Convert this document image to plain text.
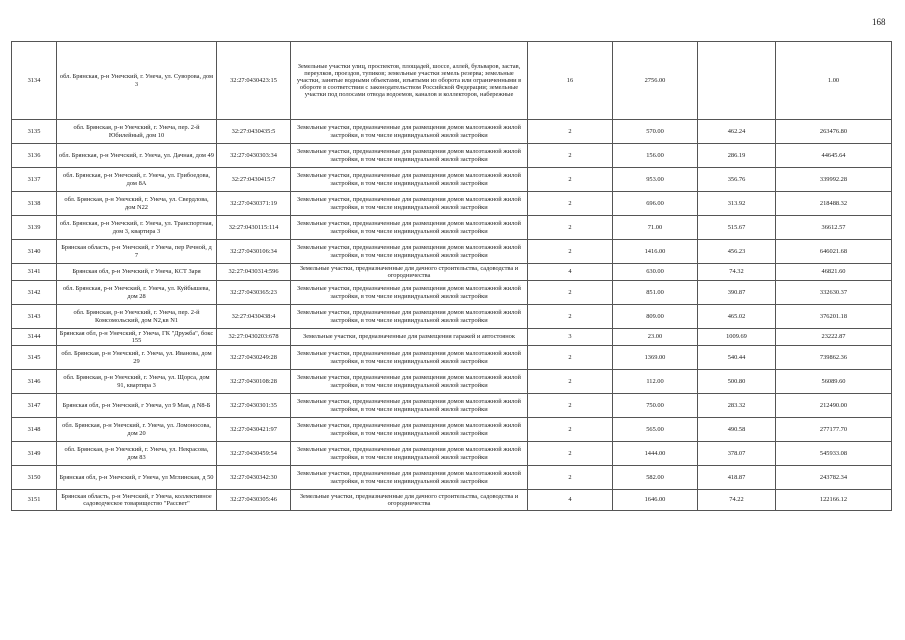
168
3134	обл. Брянская, р-н Унечский, г. Унеча, ул. Суворова, дом 3	32:27:0430423:15	Земельные участки улиц, проспектов, площадей, шоссе, аллей, бульваров, застав, переулков, проездов, тупиков; земельные участки земель резерва; земельные участки, занятые водными объектами, изъятыми из оборота или ограниченными в обороте в соответствии с законодательством Российской Федерации; земельные участки под полосами отвода водоемов, каналов и коллекторов, набережные	16	2756.00		1.00
3135	обл. Брянская, р-н Унечский, г. Унеча, пер. 2-й Юбилейный, дом 10	32:27:0430435:5	Земельные участки, предназначенные для размещения домов малоэтажной жилой застройки, в том числе индивидуальной жилой застройки	2	570.00	462.24	263476.80
3136	обл. Брянская, р-н Унечский, г. Унеча, ул. Дачная, дом 49	32:27:0430303:34	Земельные участки, предназначенные для размещения домов малоэтажной жилой застройки, в том числе индивидуальной жилой застройки	2	156.00	286.19	44645.64
3137	обл. Брянская, р-н Унечский, г. Унеча, ул. Грибоедова, дом 8А	32:27:0430415:7	Земельные участки, предназначенные для размещения домов малоэтажной жилой застройки, в том числе индивидуальной жилой застройки	2	953.00	356.76	339992.28
3138	обл. Брянская, р-н Унечский, г. Унеча, ул. Свердлова, дом N22	32:27:0430371:19	Земельные участки, предназначенные для размещения домов малоэтажной жилой застройки, в том числе индивидуальной жилой застройки	2	696.00	313.92	218488.32
3139	обл. Брянская, р-н Унечский, г. Унеча, ул. Транспортная, дом 3, квартира 3	32:27:0430115:114	Земельные участки, предназначенные для размещения домов малоэтажной жилой застройки, в том числе индивидуальной жилой застройки	2	71.00	515.67	36612.57
3140	Брянская область, р-н Унечский, г Унеча, пер Речной, д 7	32:27:0430106:34	Земельные участки, предназначенные для размещения домов малоэтажной жилой застройки, в том числе индивидуальной жилой застройки	2	1416.00	456.23	646021.68
3141	Брянская обл, р-н Унечский, г Унеча, КСТ Заря	32:27:0430314:596	Земельные участки, предназначенные для дачного строительства, садоводства и огородничества	4	630.00	74.32	46821.60
3142	обл. Брянская, р-н Унечский, г. Унеча, ул. Куйбышева, дом 28	32:27:0430365:23	Земельные участки, предназначенные для размещения домов малоэтажной жилой застройки, в том числе индивидуальной жилой застройки	2	851.00	390.87	332630.37
3143	обл. Брянская, р-н Унечский, г. Унеча, пер. 2-й Комсомольский, дом N2,кв N1	32:27:0430438:4	Земельные участки, предназначенные для размещения домов малоэтажной жилой застройки, в том числе индивидуальной жилой застройки	2	809.00	465.02	376201.18
3144	Брянская обл, р-н Унечский, г Унеча, ГК "Дружба", бокс 155	32:27:0430203:678	Земельные участки, предназначенные для размещения гаражей и автостоянок	3	23.00	1009.69	23222.87
3145	обл. Брянская, р-н Унечский, г. Унеча, ул. Иванова, дом 29	32:27:0430249:28	Земельные участки, предназначенные для размещения домов малоэтажной жилой застройки, в том числе индивидуальной жилой застройки	2	1369.00	540.44	739862.36
3146	обл. Брянская, р-н Унечский, г. Унеча, ул. Щорса, дом 91, квартира 3	32:27:0430108:28	Земельные участки, предназначенные для размещения домов малоэтажной жилой застройки, в том числе индивидуальной жилой застройки	2	112.00	500.80	56089.60
3147	Брянская обл, р-н Унечский, г Унеча, ул 9 Мая, д N8-Б	32:27:0430301:35	Земельные участки, предназначенные для размещения домов малоэтажной жилой застройки, в том числе индивидуальной жилой застройки	2	750.00	283.32	212490.00
3148	обл. Брянская, р-н Унечский, г. Унеча, ул. Ломоносова, дом 20	32:27:0430421:97	Земельные участки, предназначенные для размещения домов малоэтажной жилой застройки, в том числе индивидуальной жилой застройки	2	565.00	490.58	277177.70
3149	обл. Брянская, р-н Унечский, г. Унеча, ул. Некрасова, дом 83	32:27:0430459:54	Земельные участки, предназначенные для размещения домов малоэтажной жилой застройки, в том числе индивидуальной жилой застройки	2	1444.00	378.07	545933.08
3150	Брянская обл, р-н Унечский, г Унеча, ул Мглинская, д 50	32:27:0430342:30	Земельные участки, предназначенные для размещения домов малоэтажной жилой застройки, в том числе индивидуальной жилой застройки	2	582.00	418.87	243782.34
3151	Брянская область, р-н Унечский, г Унеча, коллективное садоводческое товарищество "Рассвет"	32:27:0430305:46	Земельные участки, предназначенные для дачного строительства, садоводства и огородничества	4	1646.00	74.22	122166.12
